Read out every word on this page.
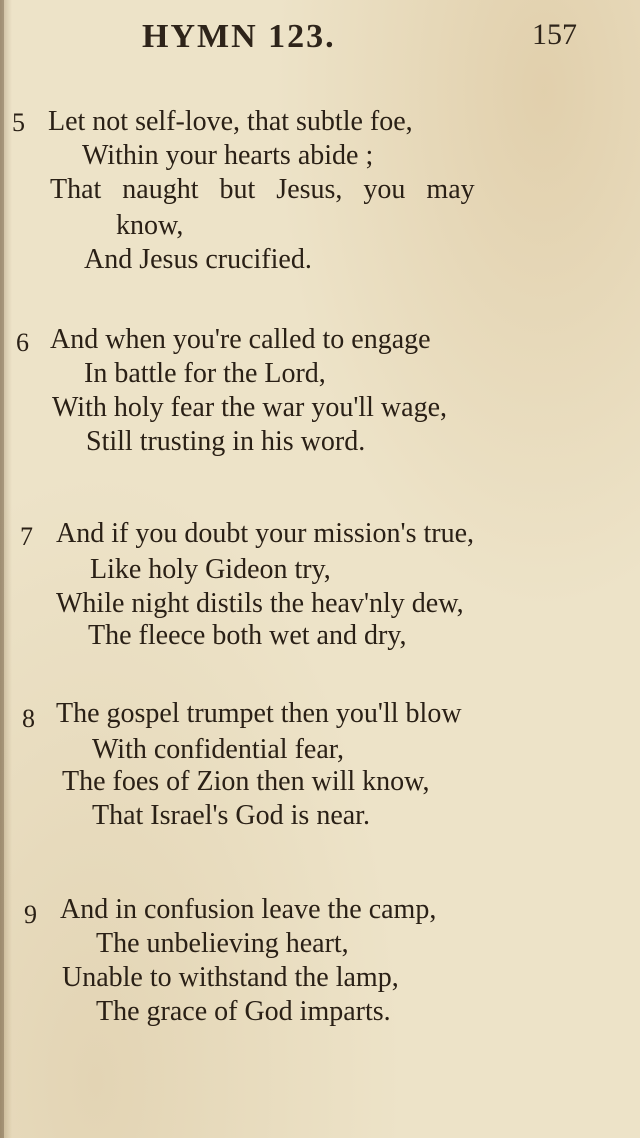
HYMN 123.	157
5 Let not self-love, that subtle foe,
Within your hearts abide ;
That naught but Jesus, you may
know,
And Jesus crucified.
6 And when you're called to engage
In battle for the Lord,
With holy fear the war you'll wage,
Still trusting in his word.
7 And if you doubt your mission's true,
Like holy Gideon try,
While night distils the heav'nly dew,
The fleece both wet and dry,
8 The gospel trumpet then you'll blow
With confidential fear,
The foes of Zion then will know,
That Israel's God is near.
9 And in confusion leave the camp,
The unbelieving heart,
Unable to withstand the lamp,
The grace of God imparts.
